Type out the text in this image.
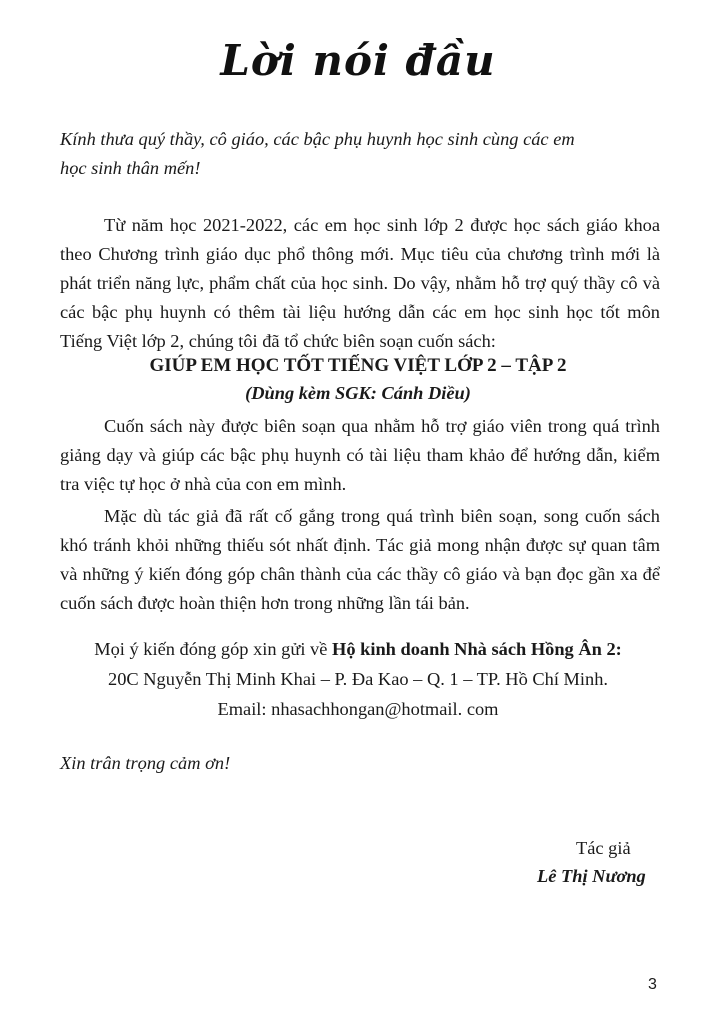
Lời nói đầu
Kính thưa quý thầy, cô giáo, các bậc phụ huynh học sinh cùng các em
học sinh thân mến!
Từ năm học 2021-2022, các em học sinh lớp 2 được học sách giáo khoa theo Chương trình giáo dục phổ thông mới. Mục tiêu của chương trình mới là phát triển năng lực, phẩm chất của học sinh. Do vậy, nhằm hỗ trợ quý thầy cô và các bậc phụ huynh có thêm tài liệu hướng dẫn các em học sinh học tốt môn Tiếng Việt lớp 2, chúng tôi đã tổ chức biên soạn cuốn sách:
GIÚP EM HỌC TỐT TIẾNG VIỆT LỚP 2 – TẬP 2
(Dùng kèm SGK: Cánh Diều)
Cuốn sách này được biên soạn qua nhằm hỗ trợ giáo viên trong quá trình giảng dạy và giúp các bậc phụ huynh có tài liệu tham khảo để hướng dẫn, kiểm tra việc tự học ở nhà của con em mình.
Mặc dù tác giả đã rất cố gắng trong quá trình biên soạn, song cuốn sách khó tránh khỏi những thiếu sót nhất định. Tác giả mong nhận được sự quan tâm và những ý kiến đóng góp chân thành của các thầy cô giáo và bạn đọc gần xa để cuốn sách được hoàn thiện hơn trong những lần tái bản.
Mọi ý kiến đóng góp xin gửi về Hộ kinh doanh Nhà sách Hồng Ân 2:
20C Nguyễn Thị Minh Khai – P. Đa Kao – Q. 1 – TP. Hồ Chí Minh.
Email: nhasachhongan@hotmail. com
Xin trân trọng cảm ơn!
Tác giả
Lê Thị Nương
3
